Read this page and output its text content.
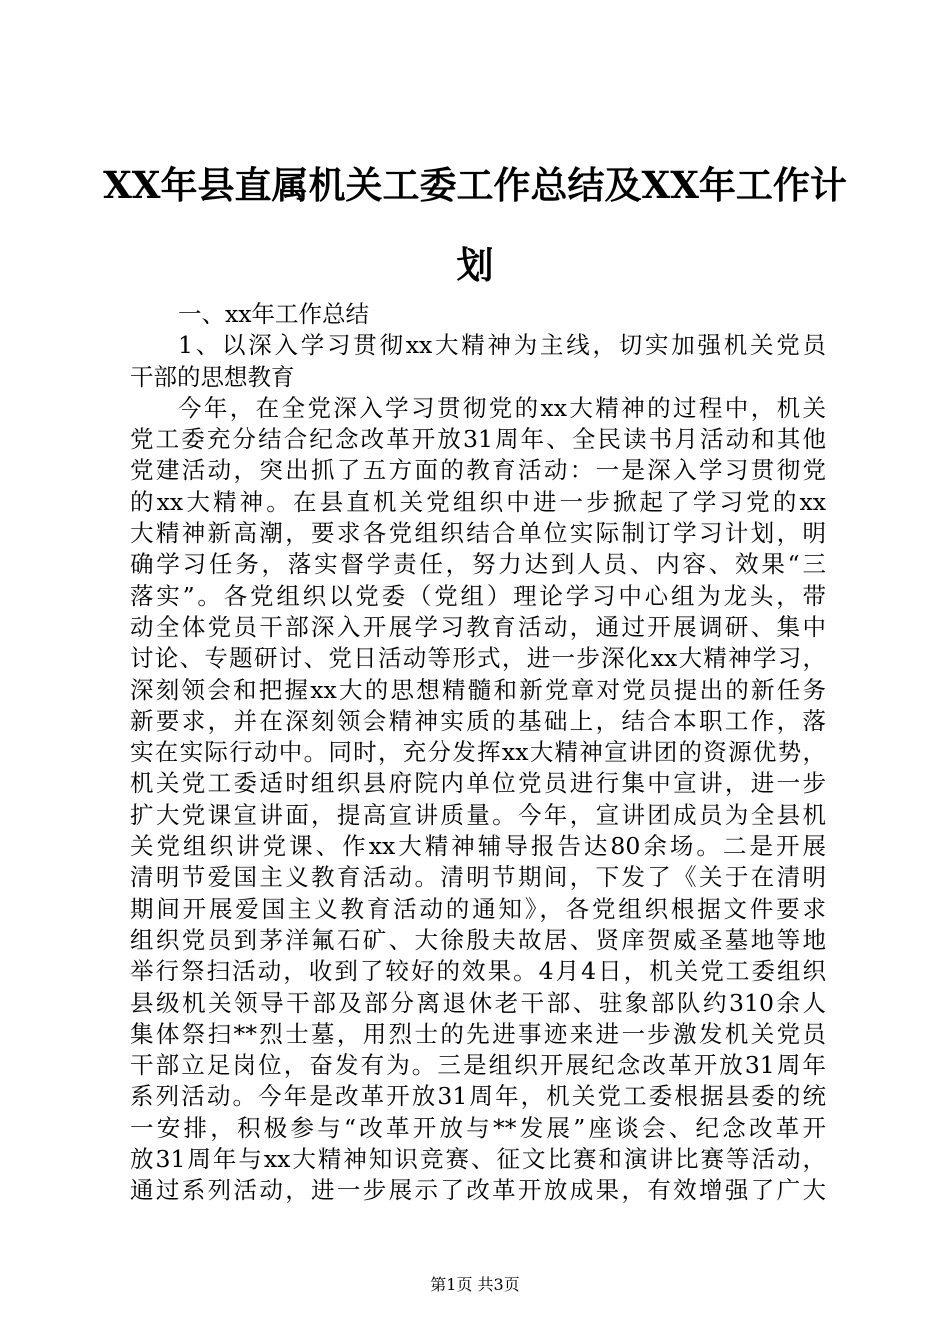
XX年县直属机关工委工作总结及XX年工作计
划
一、xx年工作总结
1、以深入学习贯彻xx大精神为主线，切实加强机关党员
干部的思想教育
今年，在全党深入学习贯彻党的xx大精神的过程中，机关
党工委充分结合纪念改革开放31周年、全民读书月活动和其他
党建活动，突出抓了五方面的教育活动：一是深入学习贯彻党
的xx大精神。在县直机关党组织中进一步掀起了学习党的xx
大精神新高潮，要求各党组织结合单位实际制订学习计划，明
确学习任务，落实督学责任，努力达到人员、内容、效果“三
落实”。各党组织以党委（党组）理论学习中心组为龙头，带
动全体党员干部深入开展学习教育活动，通过开展调研、集中
讨论、专题研讨、党日活动等形式，进一步深化xx大精神学习，
深刻领会和把握xx大的思想精髓和新党章对党员提出的新任务
新要求，并在深刻领会精神实质的基础上，结合本职工作，落
实在实际行动中。同时，充分发挥xx大精神宣讲团的资源优势，
机关党工委适时组织县府院内单位党员进行集中宣讲，进一步
扩大党课宣讲面，提高宣讲质量。今年，宣讲团成员为全县机
关党组织讲党课、作xx大精神辅导报告达80余场。二是开展
清明节爱国主义教育活动。清明节期间，下发了《关于在清明
期间开展爱国主义教育活动的通知》，各党组织根据文件要求
组织党员到茅洋氟石矿、大徐殷夫故居、贤庠贺威圣墓地等地
举行祭扫活动，收到了较好的效果。4月4日，机关党工委组织
县级机关领导干部及部分离退休老干部、驻象部队约310余人
集体祭扫**烈士墓，用烈士的先进事迹来进一步激发机关党员
干部立足岗位，奋发有为。三是组织开展纪念改革开放31周年
系列活动。今年是改革开放31周年，机关党工委根据县委的统
一安排，积极参与“改革开放与**发展”座谈会、纪念改革开
放31周年与xx大精神知识竞赛、征文比赛和演讲比赛等活动，
通过系列活动，进一步展示了改革开放成果，有效增强了广大
第1页 共3页
